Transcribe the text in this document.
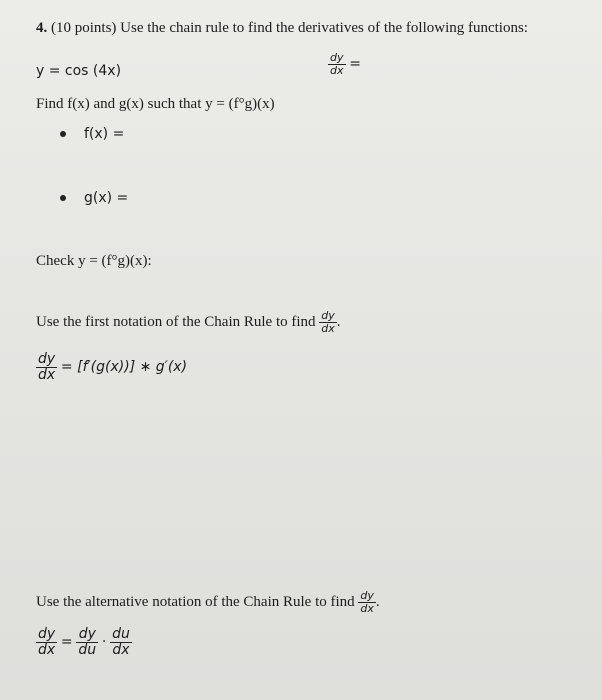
4. (10 points) Use the chain rule to find the derivatives of the following functions:
y = cos (4x)	$\frac{dy}{dx}$ =
Find f(x) and g(x) such that y = (f°g)(x)
f(x) =
g(x) =
Check y = (f°g)(x):
Use the first notation of the Chain Rule to find $\frac{dy}{dx}$ .
$\frac{dy}{dx} = [f'(g(x))]$ ∗ g′(x)
Use the alternative notation of the Chain Rule to find $\frac{dy}{dx}$ .
$\frac{dy}{dx} = \frac{dy}{du} \cdot \frac{du}{dx}$
